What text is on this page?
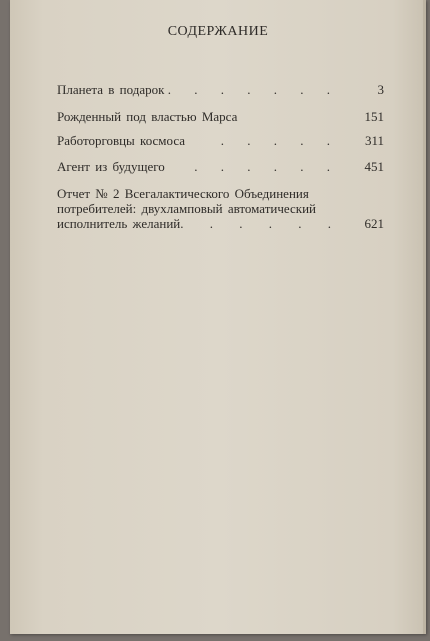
СОДЕРЖАНИЕ
Планета в подарок . . . . . . .	3
Рожденный под властью Марса	151
Работорговцы космоса	. . . . .	311
Агент из будущего	. . . . . .	451
Отчет № 2 Всегалактического Объединения
потребителей: двухламповый автоматический
исполнитель желаний . . . . . .	621
